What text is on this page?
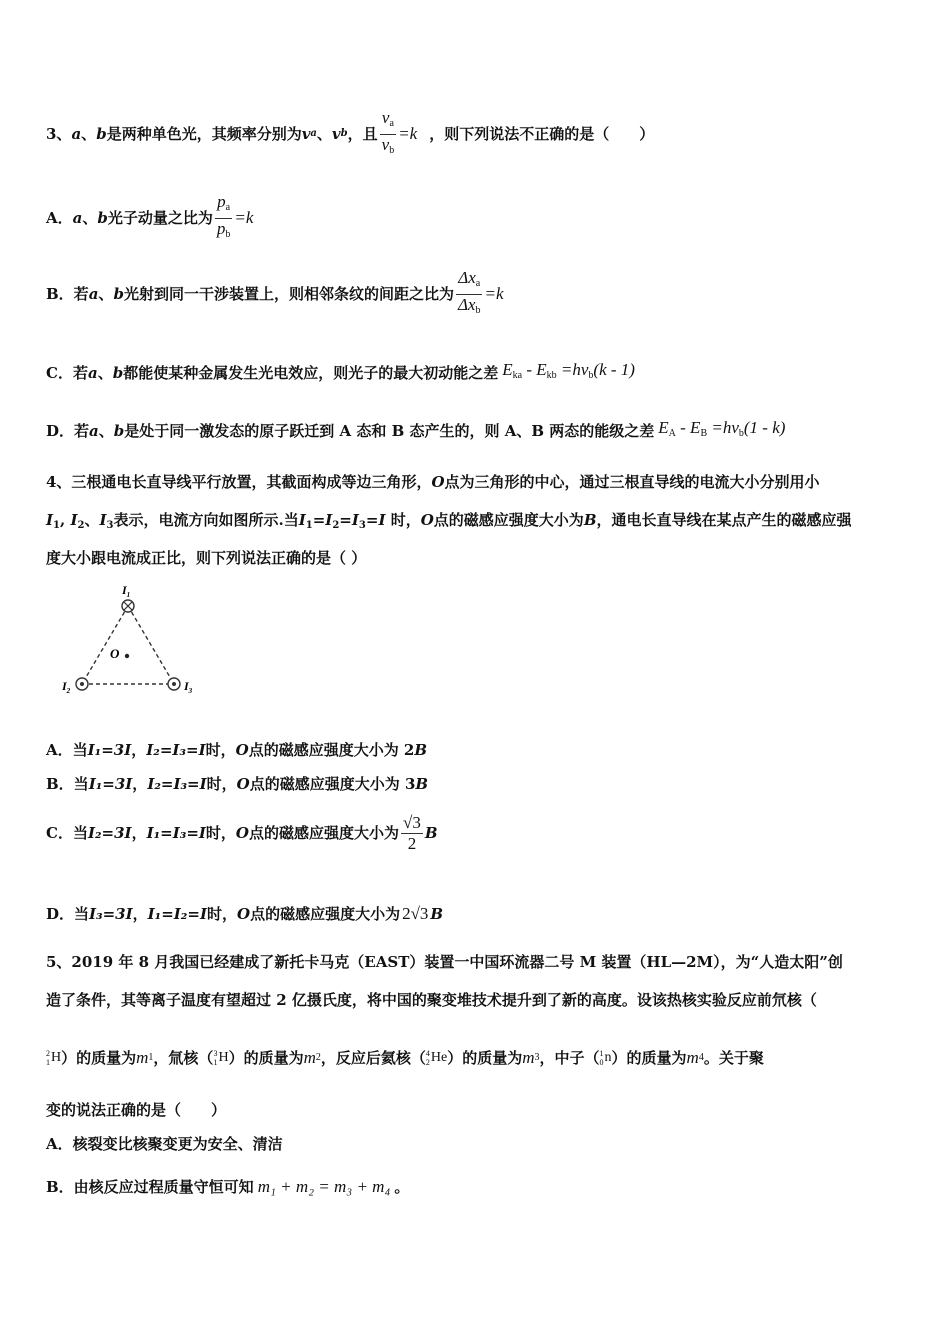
3、 a 、 b 是两种单色光，其频率分别为 v a 、 v b ，且 $\frac{v_a}{v_b} =k$ ，则下列说法不正确的是（　　）
A． a 、 b 光子动量之比为 $\frac{p_a}{p_b} =k$
B．若 a 、 b 光射到同一干涉装置上，则相邻条纹的间距之比为 $\frac{\Delta x_a}{\Delta x_b} =k$
C．若 a 、 b 都能使某种金属发生光电效应，则光子的最大初动能之差 $E_{ka} - E_{kb} =hv_b(k - 1)$
D．若 a 、 b 是处于同一激发态的原子跃迁到 A 态和 B 态产生的，则 A、B 两态的能级之差 $E_A - E_B =hv_b(1 - k)$
4、三根通电长直导线平行放置，其截面构成等边三角形，O点为三角形的中心，通过三根直导线的电流大小分别用小
$I_1$, $I_2$、$I_3$表示，电流方向如图所示.当$I_1=I_2=I_3=I$ 时，O点的磁感应强度大小为B，通电长直导线在某点产生的磁感应强
度大小跟电流成正比，则下列说法正确的是（ ）
O
$I_1$
$I_2$	$I_3$
A．当I₁=3I，I₂=I₃=I时，O点的磁感应强度大小为 2B
B．当I₁=3I，I₂=I₃=I时，O点的磁感应强度大小为 3B
C．当 I₂=3I ， I₁=I₃=I 时， O 点的磁感应强度大小为 $\frac{√3}{2}$ B
D．当 I₃=3I ， I₁=I₂=I 时， O 点的磁感应强度大小为 2√3 B
5、2019 年 8 月我国已经建成了新托卡马克（EAST）装置一中国环流器二号 M 装置（HL—2M），为“人造太阳”创
造了条件，其等离子温度有望超过 2 亿摄氏度，将中国的聚变堆技术提升到了新的高度。设该热核实验反应前氘核（
2
1 H ）的质量为 m 1 ，氚核（ 3
1 H ）的质量为 m 2 ，反应后氦核（ 4
2 He ）的质量为 m 3 ，中子（ 1
0 n ）的质量为 m 4 。关于聚
变的说法正确的是（　　）
A．核裂变比核聚变更为安全、清洁
B．由核反应过程质量守恒可知 m₁ + m₂ = m₃ + m₄ 。
